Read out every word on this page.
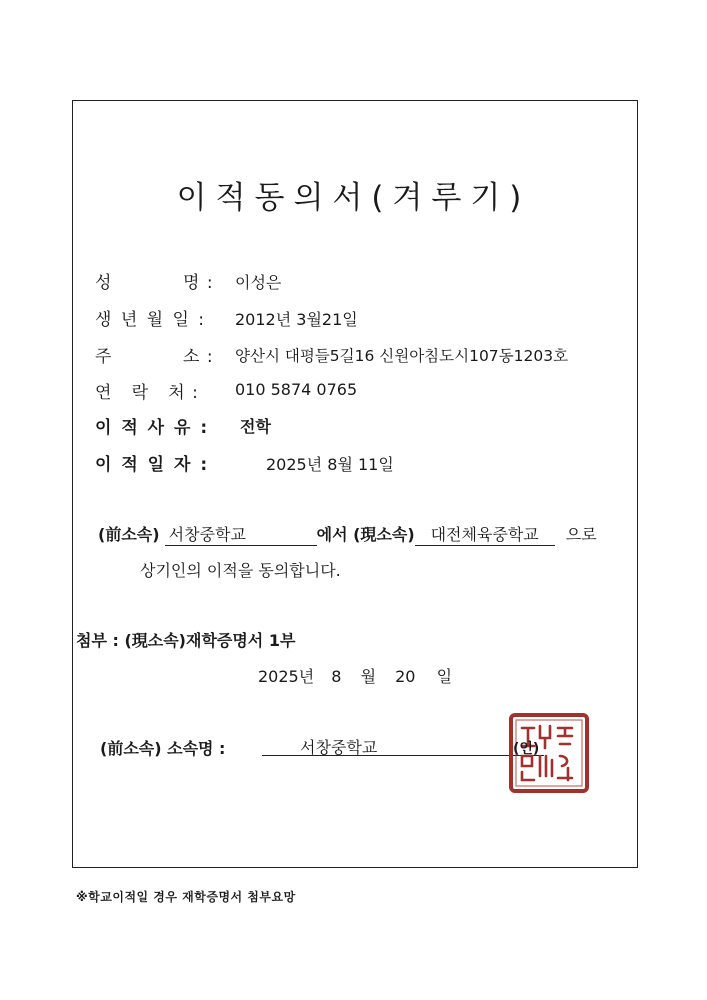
이적동의서(겨루기)
성	명 : 이성은
생 년 월 일 : 2012년 3월21일
주	소 : 양산시 대평들5길16 신원아침도시107동1203호
연   락   처 : 010 5874 0765
이 적 사 유 : 전학
이 적 일 자 :	2025년 8월 11일
(前소속) 서창중학교	에서 (現소속) 대전체육중학교 으로
상기인의 이적을 동의합니다.
첨부 : (現소속)재학증명서 1부
2025년 8 월 20 일
(前소속) 소속명 :	서창중학교	(인)
※학교이적일 경우 재학증명서 첨부요망
